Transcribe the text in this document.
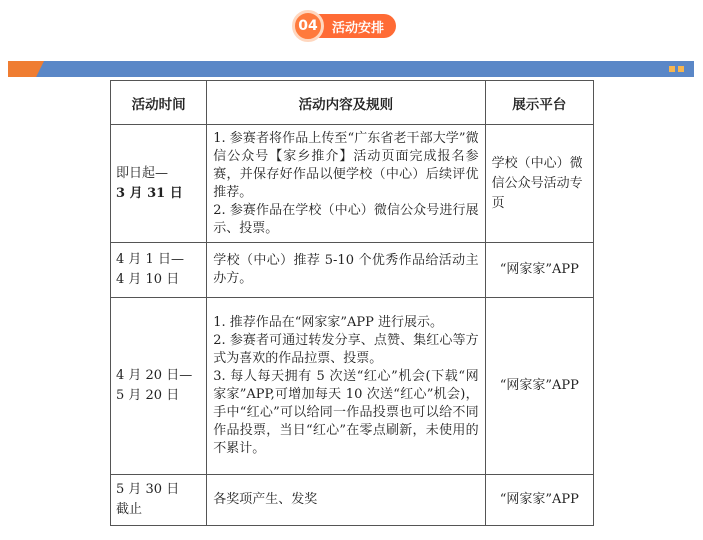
04	活动安排
活动时间	活动内容及规则	展示平台

即日起—
3 月 31 日	1. 参赛者将作品上传至“广东省老干部大学”微信公众号【家乡推介】活动页面完成报名参赛，并保存好作品以便学校（中心）后续评优推荐。
2. 参赛作品在学校（中心）微信公众号进行展示、投票。	学校（中心）微信公众号活动专页

4 月 1 日—
4 月 10 日	学校（中心）推荐 5-10 个优秀作品给活动主办方。	“网家家”APP

4 月 20 日—
5 月 20 日	1. 推荐作品在“网家家”APP 进行展示。
2. 参赛者可通过转发分享、点赞、集红心等方式为喜欢的作品拉票、投票。
3. 每人每天拥有 5 次送“红心”机会(下载“网家家”APP,可增加每天 10 次送“红心”机会)，手中“红心”可以给同一作品投票也可以给不同作品投票，当日“红心”在零点刷新，未使用的不累计。	“网家家”APP

5 月 30 日
截止	各奖项产生、发奖	“网家家”APP
